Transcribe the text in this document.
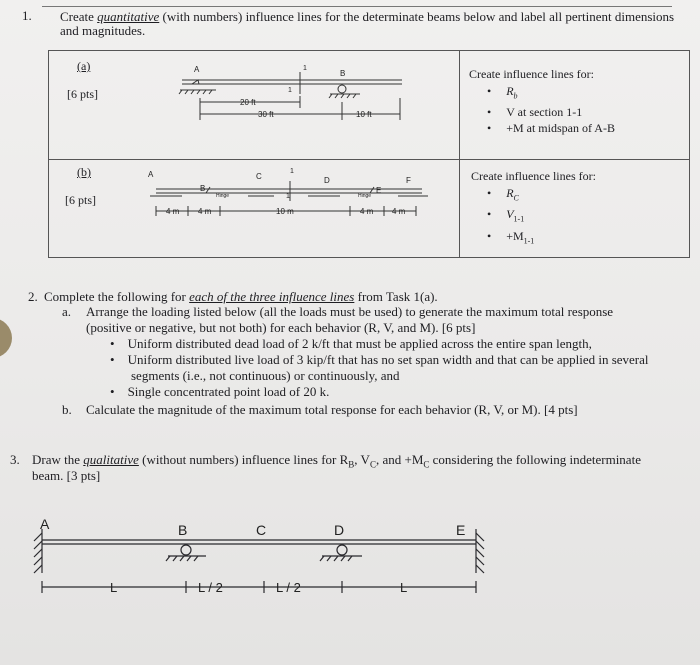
1. Create quantitative (with numbers) influence lines for the determinate beams below and label all pertinent dimensions
and magnitudes.
(a)
[6 pts]
Create influence lines for:
•     $R_b$
•     V at section 1-1
•     +M at midspan of A-B
(b)
[6 pts]
Create influence lines for:
•     $R_C$
•     $V_{1-1}$
•     $+M_{1-1}$
A	1
B
1
20 ft
30 ft	10 ft
A
B
Hinge
C
1
1
D
Hinge
E
F
4 m 4 m	10 m	4 m 4 m
2. Complete the following for each of the three influence lines from Task 1(a).
a. Arrange the loading listed below (all the loads must be used) to generate the maximum total response
(positive or negative, but not both) for each behavior (R, V, and M). [6 pts]
•    Uniform distributed dead load of 2 k/ft that must be applied across the entire span length,
•    Uniform distributed live load of 3 kip/ft that has no set span width and that can be applied in several
segments (i.e., not continuous) or continuously, and
•    Single concentrated point load of 20 k.
b. Calculate the magnitude of the maximum total response for each behavior (R, V, or M). [4 pts]
3. Draw the qualitative (without numbers) influence lines for $R_B$, $V_C$, and $+M_C$ considering the following indeterminate
beam. [3 pts]
A	B	C	D	E
L	L / 2	L / 2	L
